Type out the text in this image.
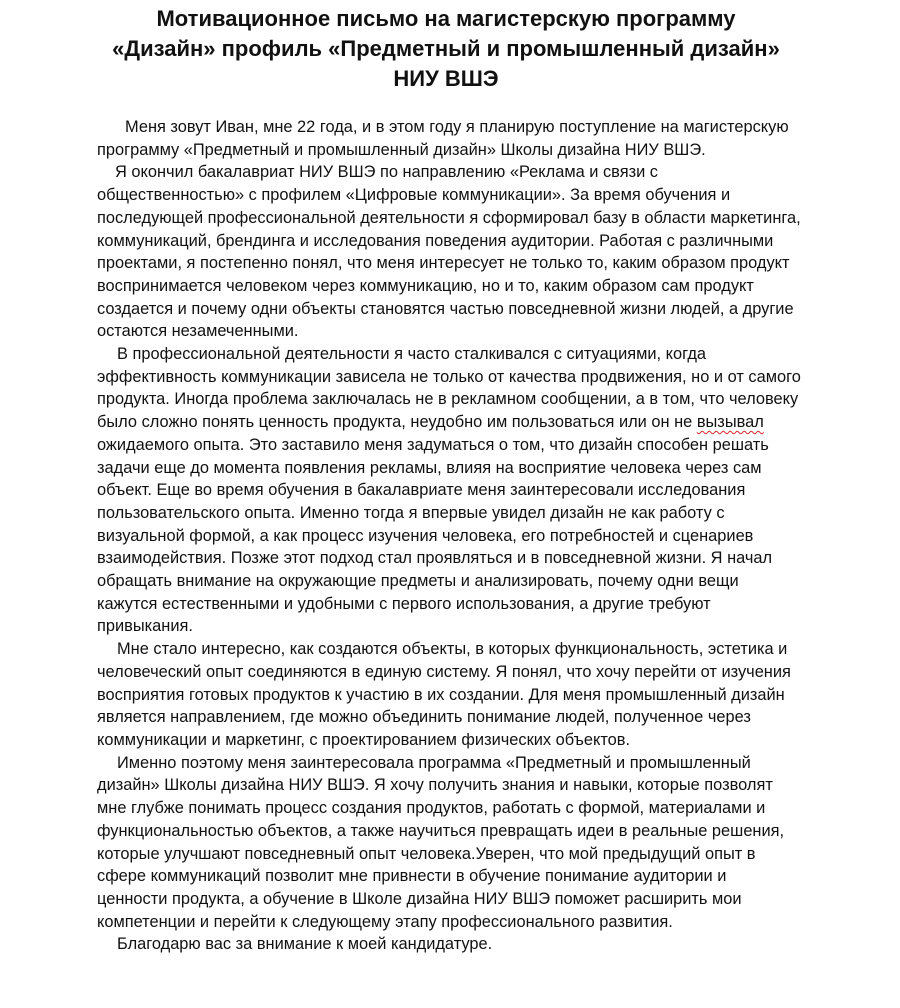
Мотивационное письмо на магистерскую программу «Дизайн» профиль «Предметный и промышленный дизайн» НИУ ВШЭ

Меня зовут Иван, мне 22 года, и в этом году я планирую поступление на магистерскую программу «Предметный и промышленный дизайн» Школы дизайна НИУ ВШЭ.

Я окончил бакалавриат НИУ ВШЭ по направлению «Реклама и связи с общественностью» с профилем «Цифровые коммуникации». За время обучения и последующей профессиональной деятельности я сформировал базу в области маркетинга, коммуникаций, брендинга и исследования поведения аудитории. Работая с различными проектами, я постепенно понял, что меня интересует не только то, каким образом продукт воспринимается человеком через коммуникацию, но и то, каким образом сам продукт создается и почему одни объекты становятся частью повседневной жизни людей, а другие остаются незамеченными.

В профессиональной деятельности я часто сталкивался с ситуациями, когда эффективность коммуникации зависела не только от качества продвижения, но и от самого продукта. Иногда проблема заключалась не в рекламном сообщении, а в том, что человеку было сложно понять ценность продукта, неудобно им пользоваться или он не вызывал ожидаемого опыта. Это заставило меня задуматься о том, что дизайн способен решать задачи еще до момента появления рекламы, влияя на восприятие человека через сам объект. Еще во время обучения в бакалавриате меня заинтересовали исследования пользовательского опыта. Именно тогда я впервые увидел дизайн не как работу с визуальной формой, а как процесс изучения человека, его потребностей и сценариев взаимодействия. Позже этот подход стал проявляться и в повседневной жизни. Я начал обращать внимание на окружающие предметы и анализировать, почему одни вещи кажутся естественными и удобными с первого использования, а другие требуют привыкания.

Мне стало интересно, как создаются объекты, в которых функциональность, эстетика и человеческий опыт соединяются в единую систему. Я понял, что хочу перейти от изучения восприятия готовых продуктов к участию в их создании. Для меня промышленный дизайн является направлением, где можно объединить понимание людей, полученное через коммуникации и маркетинг, с проектированием физических объектов.

Именно поэтому меня заинтересовала программа «Предметный и промышленный дизайн» Школы дизайна НИУ ВШЭ. Я хочу получить знания и навыки, которые позволят мне глубже понимать процесс создания продуктов, работать с формой, материалами и функциональностью объектов, а также научиться превращать идеи в реальные решения, которые улучшают повседневный опыт человека.Уверен, что мой предыдущий опыт в сфере коммуникаций позволит мне привнести в обучение понимание аудитории и ценности продукта, а обучение в Школе дизайна НИУ ВШЭ поможет расширить мои компетенции и перейти к следующему этапу профессионального развития.

Благодарю вас за внимание к моей кандидатуре.
